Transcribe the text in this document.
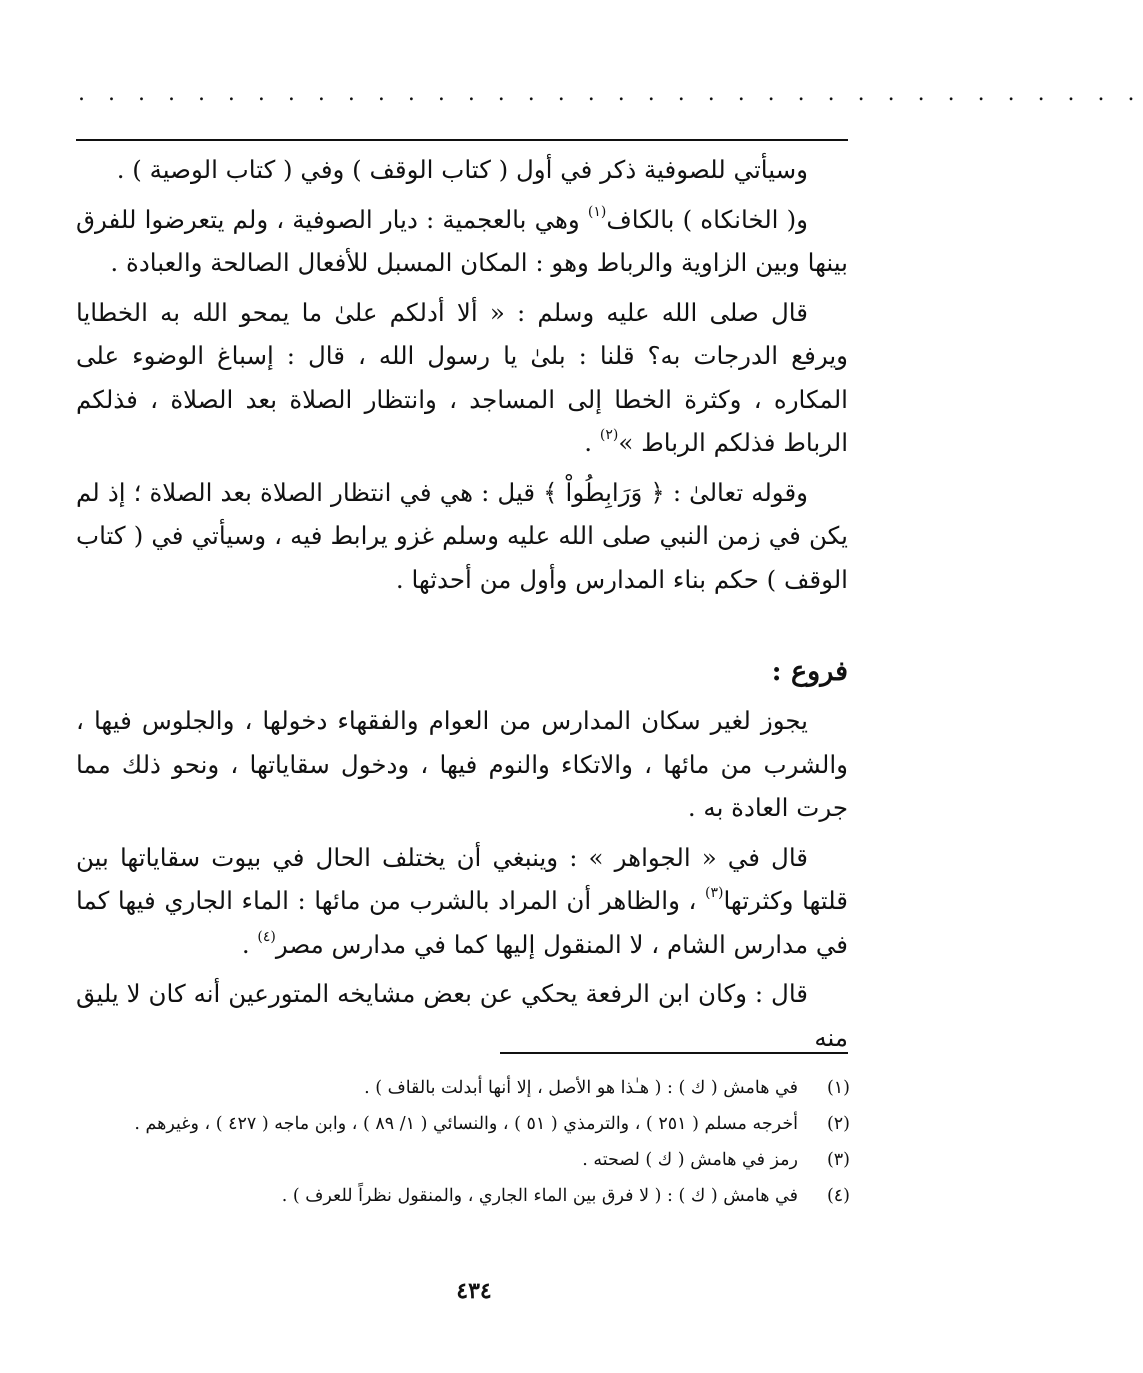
. . . . . . . . . . . . . . . . . . . . . . . . . . . . . . . . . . . .

وسيأتي للصوفية ذكر في أول ( كتاب الوقف ) وفي ( كتاب الوصية ) .

و( الخانكاه ) بالكاف$^{(١)}$ وهي بالعجمية : ديار الصوفية ، ولم يتعرضوا للفرق بينها وبين الزاوية والرباط وهو : المكان المسبل للأفعال الصالحة والعبادة .

قال صلى الله عليه وسلم : « ألا أدلكم علىٰ ما يمحو الله به الخطايا ويرفع الدرجات به؟ قلنا : بلىٰ يا رسول الله ، قال : إسباغ الوضوء على المكاره ، وكثرة الخطا إلى المساجد ، وانتظار الصلاة بعد الصلاة ، فذلكم الرباط فذلكم الرباط »$^{(٢)}$ .

وقوله تعالىٰ : ﴿ وَرَابِطُواْ ﴾ قيل : هي في انتظار الصلاة بعد الصلاة ؛ إذ لم يكن في زمن النبي صلى الله عليه وسلم غزو يرابط فيه ، وسيأتي في ( كتاب الوقف ) حكم بناء المدارس وأول من أحدثها .

فروع :

يجوز لغير سكان المدارس من العوام والفقهاء دخولها ، والجلوس فيها ، والشرب من مائها ، والاتكاء والنوم فيها ، ودخول سقاياتها ، ونحو ذلك مما جرت العادة به .

قال في « الجواهر » : وينبغي أن يختلف الحال في بيوت سقاياتها بين قلتها وكثرتها$^{(٣)}$ ، والظاهر أن المراد بالشرب من مائها : الماء الجاري فيها كما في مدارس الشام ، لا المنقول إليها كما في مدارس مصر$^{(٤)}$ .

قال : وكان ابن الرفعة يحكي عن بعض مشايخه المتورعين أنه كان لا يليق منه

(١)
في هامش ( ك ) : ( هـٰذا هو الأصل ، إلا أنها أبدلت بالقاف ) .
(٢)
أخرجه مسلم ( ٢٥١ ) ، والترمذي ( ٥١ ) ، والنسائي ( ١/ ٨٩ ) ، وابن ماجه ( ٤٢٧ ) ، وغيرهم .
(٣)
رمز في هامش ( ك ) لصحته .
(٤)
في هامش ( ك ) : ( لا فرق بين الماء الجاري ، والمنقول نظراً للعرف ) .
٤٣٤
